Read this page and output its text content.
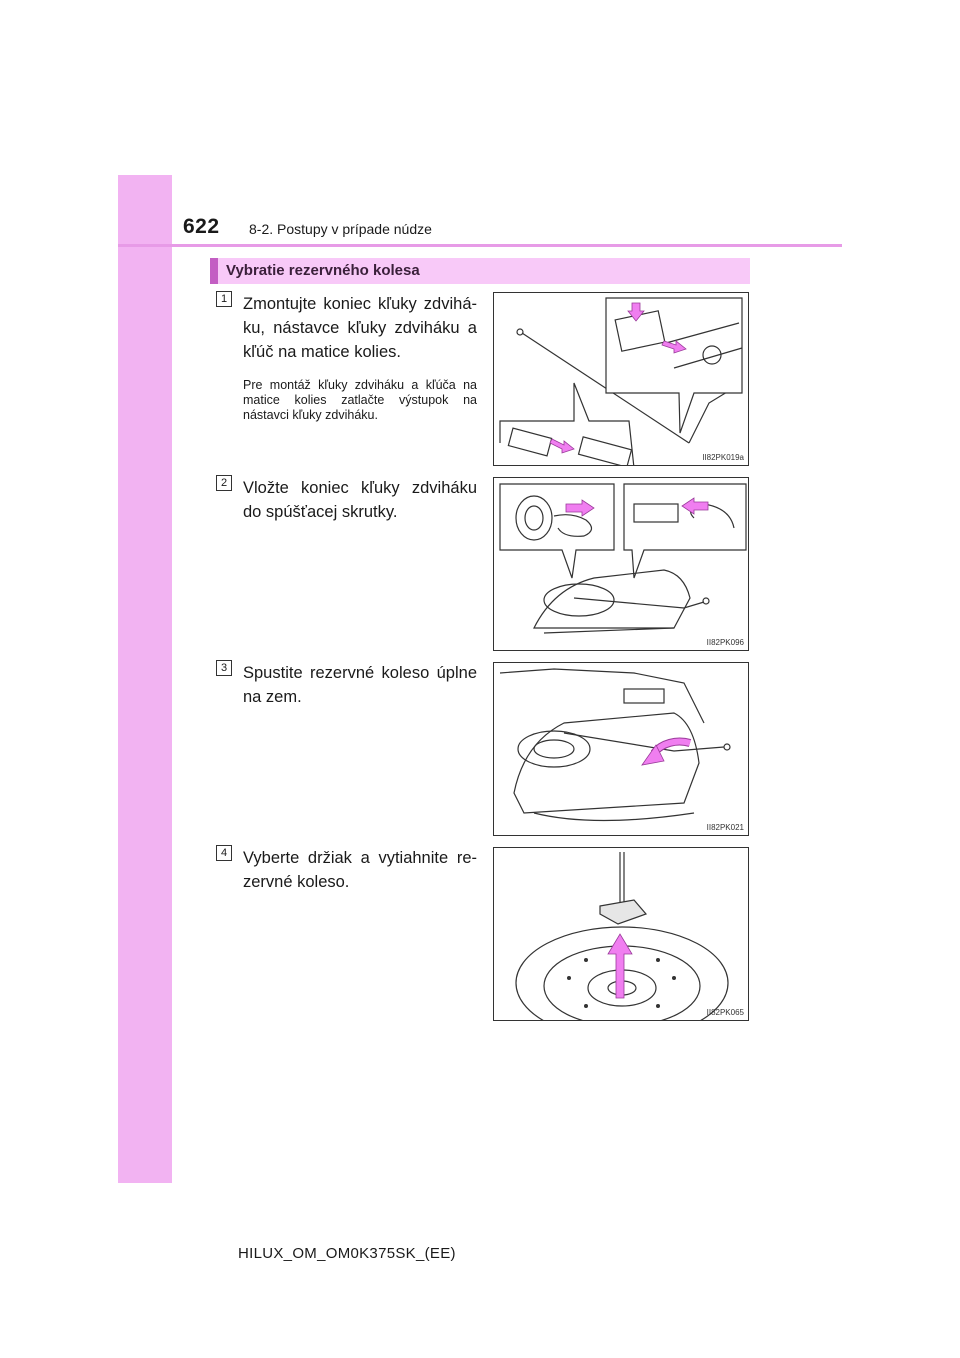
622 8-2. Postupy v prípade núdze
Vybratie rezervného kolesa
1 Zmontujte koniec kľuky zdvihá-ku, nástavce kľuky zdviháku a kľúč na matice kolies.
Pre montáž kľuky zdviháku a kľúča na matice kolies zatlačte výstupok na nástavci kľuky zdviháku.
II82PK019a
2 Vložte koniec kľuky zdviháku do spúšťacej skrutky.
II82PK096
3 Spustite rezervné koleso úplne na zem.
II82PK021
4 Vyberte držiak a vytiahnite re-zervné koleso.
II82PK065
HILUX_OM_OM0K375SK_(EE)
